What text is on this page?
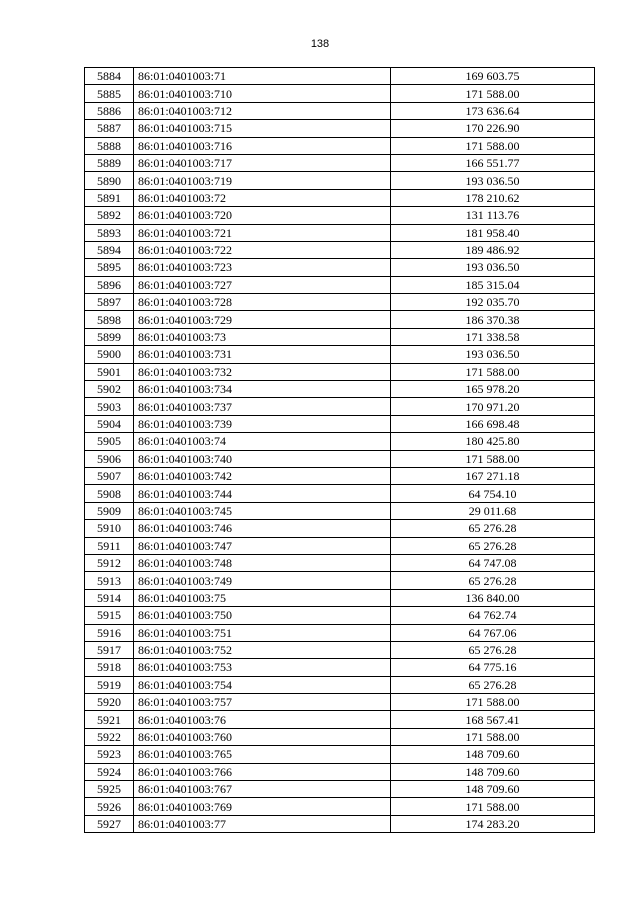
138
5884	86:01:0401003:71	169 603.75
5885	86:01:0401003:710	171 588.00
5886	86:01:0401003:712	173 636.64
5887	86:01:0401003:715	170 226.90
5888	86:01:0401003:716	171 588.00
5889	86:01:0401003:717	166 551.77
5890	86:01:0401003:719	193 036.50
5891	86:01:0401003:72	178 210.62
5892	86:01:0401003:720	131 113.76
5893	86:01:0401003:721	181 958.40
5894	86:01:0401003:722	189 486.92
5895	86:01:0401003:723	193 036.50
5896	86:01:0401003:727	185 315.04
5897	86:01:0401003:728	192 035.70
5898	86:01:0401003:729	186 370.38
5899	86:01:0401003:73	171 338.58
5900	86:01:0401003:731	193 036.50
5901	86:01:0401003:732	171 588.00
5902	86:01:0401003:734	165 978.20
5903	86:01:0401003:737	170 971.20
5904	86:01:0401003:739	166 698.48
5905	86:01:0401003:74	180 425.80
5906	86:01:0401003:740	171 588.00
5907	86:01:0401003:742	167 271.18
5908	86:01:0401003:744	64 754.10
5909	86:01:0401003:745	29 011.68
5910	86:01:0401003:746	65 276.28
5911	86:01:0401003:747	65 276.28
5912	86:01:0401003:748	64 747.08
5913	86:01:0401003:749	65 276.28
5914	86:01:0401003:75	136 840.00
5915	86:01:0401003:750	64 762.74
5916	86:01:0401003:751	64 767.06
5917	86:01:0401003:752	65 276.28
5918	86:01:0401003:753	64 775.16
5919	86:01:0401003:754	65 276.28
5920	86:01:0401003:757	171 588.00
5921	86:01:0401003:76	168 567.41
5922	86:01:0401003:760	171 588.00
5923	86:01:0401003:765	148 709.60
5924	86:01:0401003:766	148 709.60
5925	86:01:0401003:767	148 709.60
5926	86:01:0401003:769	171 588.00
5927	86:01:0401003:77	174 283.20
